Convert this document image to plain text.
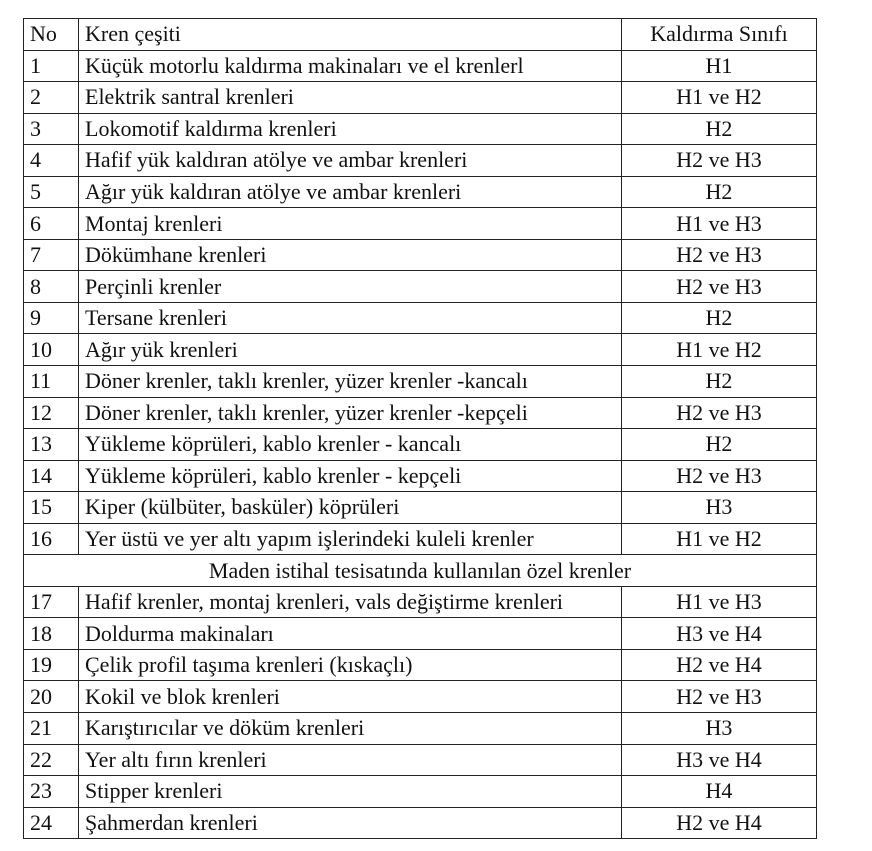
No	Kren çeşiti	Kaldırma Sınıfı
1	Küçük motorlu kaldırma makinaları ve el krenlerl	H1
2	Elektrik santral krenleri	H1 ve H2
3	Lokomotif kaldırma krenleri	H2
4	Hafif yük kaldıran atölye ve ambar krenleri	H2 ve H3
5	Ağır yük kaldıran atölye ve ambar krenleri	H2
6	Montaj krenleri	H1 ve H3
7	Dökümhane krenleri	H2 ve H3
8	Perçinli krenler	H2 ve H3
9	Tersane krenleri	H2
10	Ağır yük krenleri	H1 ve H2
11	Döner krenler, taklı krenler, yüzer krenler -kancalı	H2
12	Döner krenler, taklı krenler, yüzer krenler -kepçeli	H2 ve H3
13	Yükleme köprüleri, kablo krenler - kancalı	H2
14	Yükleme köprüleri, kablo krenler - kepçeli	H2 ve H3
15	Kiper (külbüter, basküler) köprüleri	H3
16	Yer üstü ve yer altı yapım işlerindeki kuleli krenler	H1 ve H2
Maden istihal tesisatında kullanılan özel krenler		
17	Hafif krenler, montaj krenleri, vals değiştirme krenleri	H1 ve H3
18	Doldurma makinaları	H3 ve H4
19	Çelik profil taşıma krenleri (kıskaçlı)	H2 ve H4
20	Kokil ve blok krenleri	H2 ve H3
21	Karıştırıcılar ve döküm krenleri	H3
22	Yer altı fırın krenleri	H3 ve H4
23	Stipper krenleri	H4
24	Şahmerdan krenleri	H2 ve H4
